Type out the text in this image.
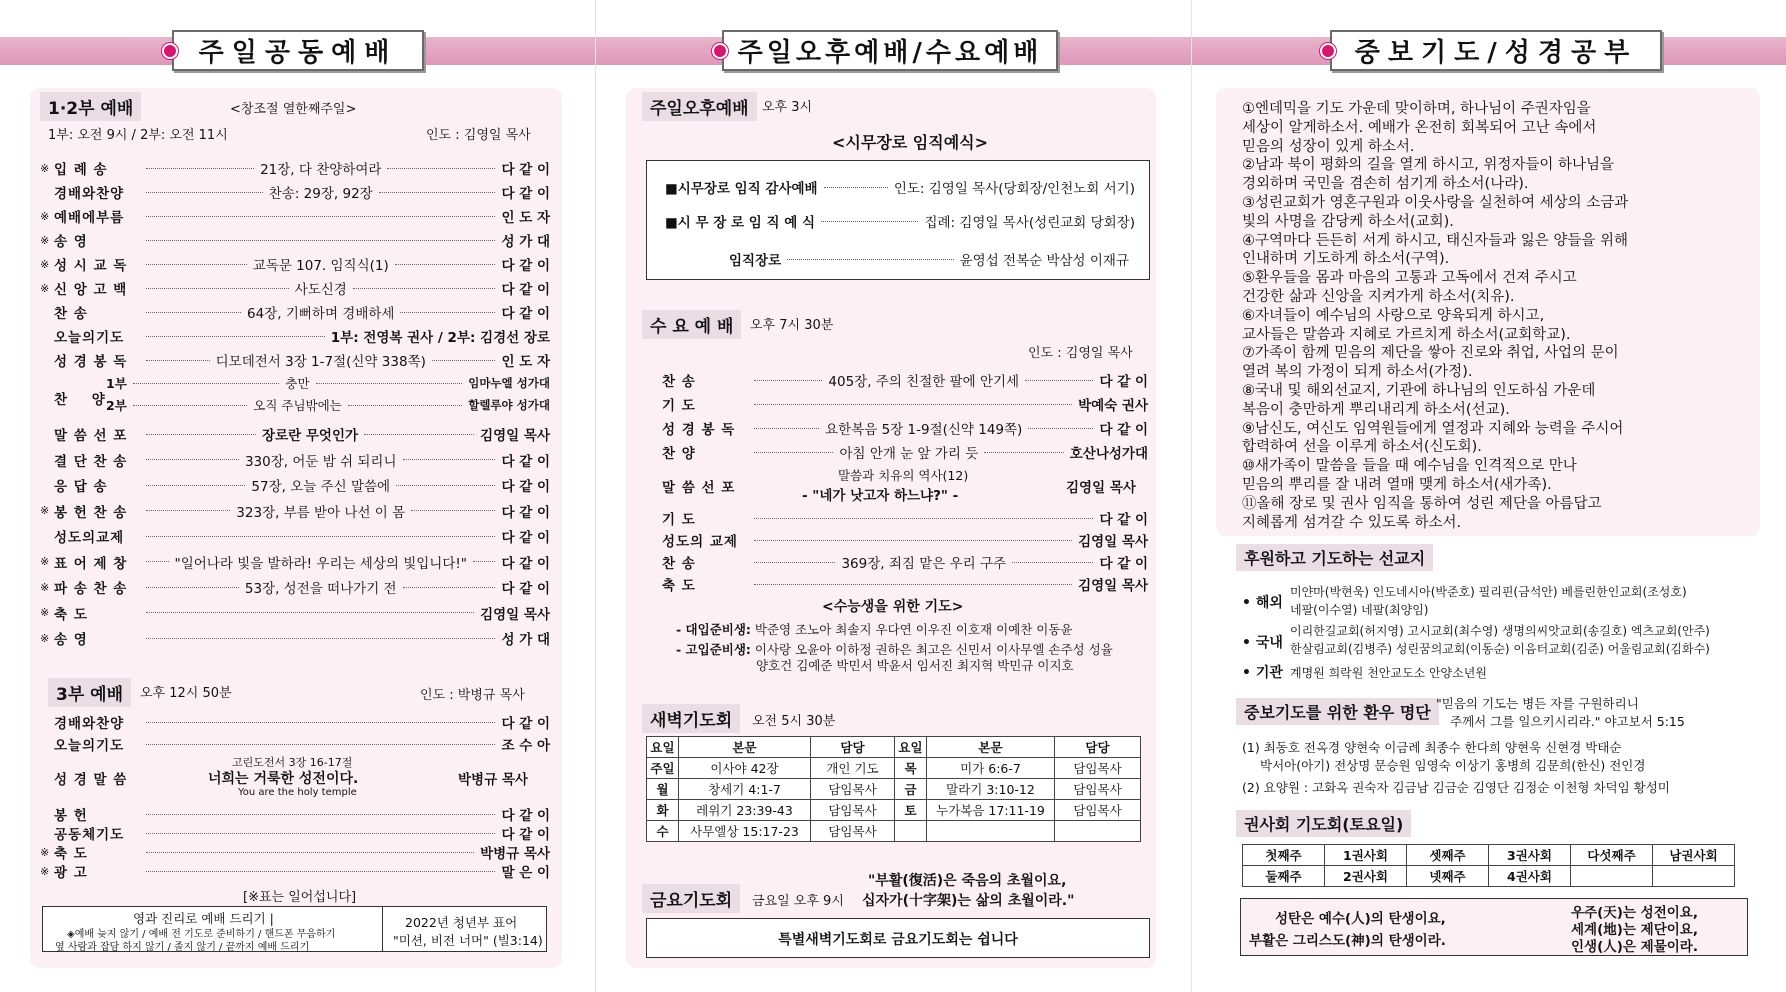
주일공동예배
1·2부 예배	<창조절 열한째주일>
1부: 오전 9시 / 2부: 오전 11시	인도 : 김영일 목사
※ 입 례 송	21장, 다 찬양하여라	다 같 이
경배와찬양	찬송: 29장, 92장	다 같 이
※ 예배에부름	인 도 자
※ 송 영	성 가 대
※ 성 시 교 독	교독문 107. 임직식(1)	다 같 이
※ 신 앙 고 백	사도신경	다 같 이
찬 송	64장, 기뻐하며 경배하세	다 같 이
오늘의기도	1부: 전영복 권사 / 2부: 김경선 장로
성 경 봉 독	디모데전서 3장 1-7절(신약 338쪽)	인 도 자
찬 양
1부	충만	임마누엘 성가대
2부	오직 주님밖에는	할렐루야 성가대
말 씀 선 포	장로란 무엇인가	김영일 목사
결 단 찬 송	330장, 어둔 밤 쉬 되리니	다 같 이
응 답 송	57장, 오늘 주신 말씀에	다 같 이
※ 봉 헌 찬 송	323장, 부름 받아 나선 이 몸	다 같 이
성도의교제	다 같 이
※ 표 어 제 창	"일어나라 빛을 발하라! 우리는 세상의 빛입니다!"	다 같 이
※ 파 송 찬 송	53장, 성전을 떠나가기 전	다 같 이
※ 축 도	김영일 목사
※ 송 영	성 가 대
3부 예배	오후 12시 50분	인도 : 박병규 목사
경배와찬양	다 같 이
오늘의기도	조 수 아
성 경 말 씀
고린도전서 3장 16-17절
너희는 거룩한 성전이다.
You are the holy temple
박병규 목사
봉 헌	다 같 이
공동체기도	다 같 이
※ 축 도	박병규 목사
※ 광 고	말 은 이
[※표는 일어섭니다]
영과 진리로 예배 드리기 |
◈예배 늦지 않기 / 예배 전 기도로 준비하기 / 핸드폰 무음하기
옆 사람과 잡담 하지 않기 / 졸지 않기 / 끝까지 예배 드리기
2022년 청년부 표어
"미션, 비전 너머" (빌3:14)
주일오후예배/수요예배
주일오후예배	오후 3시
<시무장로 임직예식>
■시무장로 임직 감사예배	인도: 김영일 목사(당회장/인천노회 서기)
■시 무 장 로 임 직 예 식	집례: 김영일 목사(성린교회 당회장)
임직장로	윤영섭 전복순 박삼성 이재규
수 요 예 배	오후 7시 30분
인도 : 김영일 목사
찬 송	405장, 주의 친절한 팔에 안기세	다 같 이
기 도	박예숙 권사
성 경 봉 독	요한복음 5장 1-9절(신약 149쪽)	다 같 이
찬 양	아침 안개 눈 앞 가리 듯	호산나성가대
말 씀 선 포
말씀과 치유의 역사(12)
- "네가 낫고자 하느냐?" -	김영일 목사
기 도	다 같 이
성도의 교제	김영일 목사
찬 송	369장, 죄짐 맡은 우리 구주	다 같 이
축 도	김영일 목사
<수능생을 위한 기도>
- 대입준비생: 박준영 조노아 최솔지 우다연 이우진 이호재 이예찬 이동윤
- 고입준비생: 이사랑 오윤아 이하정 권하은 최고은 신민서 이사무엘 손주성 성율
양호건 김예준 박민서 박윤서 임서진 최지혁 박민규 이지호
새벽기도회	오전 5시 30분
요일	본문	담당	요일	본문	담당
주일	이사야 42장	개인 기도	목	미가 6:6-7	담임목사
월	창세기 4:1-7	담임목사	금	말라기 3:10-12	담임목사
화	레위기 23:39-43	담임목사	토	누가복음 17:11-19	담임목사
수	사무엘상 15:17-23	담임목사			
금요기도회	금요일 오후 9시
"부활(復活)은 죽음의 초월이요,
십자가(十字架)는 삶의 초월이라."
특별새벽기도회로 금요기도회는 쉽니다
중보기도/성경공부
①엔데믹을 기도 가운데 맞이하며, 하나님이 주권자임을
세상이 알게하소서. 예배가 온전히 회복되어 고난 속에서
믿음의 성장이 있게 하소서.
②남과 북이 평화의 길을 열게 하시고, 위정자들이 하나님을
경외하며 국민을 겸손히 섬기게 하소서(나라).
③성린교회가 영혼구원과 이웃사랑을 실천하여 세상의 소금과
빛의 사명을 감당케 하소서(교회).
④구역마다 든든히 서게 하시고, 태신자들과 잃은 양들을 위해
인내하며 기도하게 하소서(구역).
⑤환우들을 몸과 마음의 고통과 고독에서 건져 주시고
건강한 삶과 신앙을 지켜가게 하소서(치유).
⑥자녀들이 예수님의 사랑으로 양육되게 하시고,
교사들은 말씀과 지혜로 가르치게 하소서(교회학교).
⑦가족이 함께 믿음의 제단을 쌓아 진로와 취업, 사업의 문이
열려 복의 가정이 되게 하소서(가정).
⑧국내 및 해외선교지, 기관에 하나님의 인도하심 가운데
복음이 충만하게 뿌리내리게 하소서(선교).
⑨남신도, 여신도 임역원들에게 열정과 지혜와 능력을 주시어
합력하여 선을 이루게 하소서(신도회).
⑩새가족이 말씀을 들을 때 예수님을 인격적으로 만나
믿음의 뿌리를 잘 내려 열매 맺게 하소서(새가족).
⑪올해 장로 및 권사 임직을 통하여 성린 제단을 아름답고
지혜롭게 섬겨갈 수 있도록 하소서.
후원하고 기도하는 선교지
• 해외
미얀마(박현욱) 인도네시아(박준호) 필리핀(금석안) 베를린한인교회(조성호)
네팔(이수열) 네팔(최양임)
• 국내
이리한길교회(허지영) 고시교회(최수영) 생명의씨앗교회(송길호) 엑츠교회(안주)
한살림교회(김병주) 성린꿈의교회(이동순) 이음터교회(김준) 어울림교회(김화수)
• 기관 계명원 희락원 천안교도소 안양소년원
중보기도를 위한 환우 명단 "믿음의 기도는 병든 자를 구원하리니
주께서 그를 일으키시리라." 야고보서 5:15
(1) 최동호 전옥경 양현숙 이금례 최종수 한다희 양현욱 신현경 박태순
박서아(아기) 전상명 문승원 임영숙 이상기 홍병희 김문희(한신) 전인경
(2) 요양원 : 고화옥 권숙자 김금남 김금순 김영단 김정순 이천형 차덕임 황성미
권사회 기도회(토요일)
첫째주	1권사회	셋째주	3권사회	다섯째주	남권사회
둘째주	2권사회	넷째주	4권사회		
성탄은 예수(人)의 탄생이요,
부활은 그리스도(神)의 탄생이라.
우주(天)는 성전이요,
세계(地)는 제단이요,
인생(人)은 제물이라.
